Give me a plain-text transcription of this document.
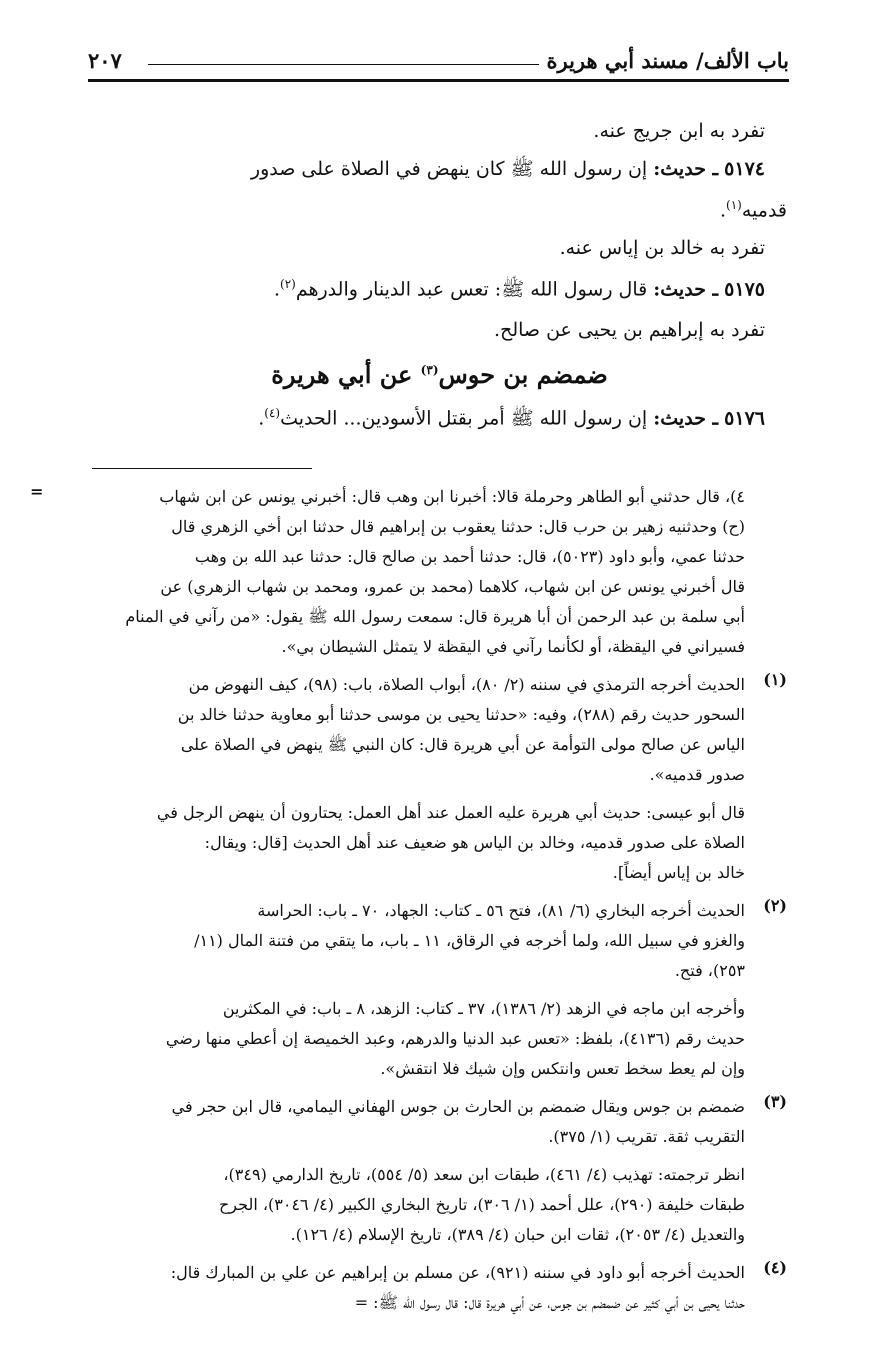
باب الألف/ مسند أبي هريرة
٢٠٧
تفرد به ابن جريج عنه.
٥١٧٤ ـ حديث: إن رسول الله ﷺ كان ينهض في الصلاة على صدور
قدميه$^{(١)}$.
تفرد به خالد بن إياس عنه.
٥١٧٥ ـ حديث: قال رسول الله ﷺ: تعس عبد الدينار والدرهم$^{(٢)}$.
تفرد به إبراهيم بن يحيى عن صالح.
ضمضم بن حوس$^{(٣)}$ عن أبي هريرة
٥١٧٦ ـ حديث: إن رسول الله ﷺ أمر بقتل الأسودين... الحديث$^{(٤)}$.
=	٤)، قال حدثني أبو الطاهر وحرملة قالا: أخبرنا ابن وهب قال: أخبرني يونس عن ابن شهاب
(ح) وحدثنيه زهير بن حرب قال: حدثنا يعقوب بن إبراهيم قال حدثنا ابن أخي الزهري قال
حدثنا عمي، وأبو داود (٥٠٢٣)، قال: حدثنا أحمد بن صالح قال: حدثنا عبد الله بن وهب
قال أخبرني يونس عن ابن شهاب، كلاهما (محمد بن عمرو، ومحمد بن شهاب الزهري) عن
أبي سلمة بن عبد الرحمن أن أبا هريرة قال: سمعت رسول الله ﷺ يقول: «من رآني في المنام
فسيراني في اليقظة، أو لكأنما رآني في اليقظة لا يتمثل الشيطان بي».
(١)
الحديث أخرجه الترمذي في سننه (٢/ ٨٠)، أبواب الصلاة، باب: (٩٨)، كيف النهوض من
السحور حديث رقم (٢٨٨)، وفيه: «حدثنا يحيى بن موسى حدثنا أبو معاوية حدثنا خالد بن
الياس عن صالح مولى التوأمة عن أبي هريرة قال: كان النبي ﷺ ينهض في الصلاة على
صدور قدميه».
قال أبو عيسى: حديث أبي هريرة عليه العمل عند أهل العمل: يحتارون أن ينهض الرجل في
الصلاة على صدور قدميه، وخالد بن الياس هو ضعيف عند أهل الحديث [قال: ويقال:
خالد بن إياس أيضاً].
(٢)
الحديث أخرجه البخاري (٦/ ٨١)، فتح ٥٦ ـ كتاب: الجهاد، ٧٠ ـ باب: الحراسة
والغزو في سبيل الله، ولما أخرجه في الرقاق، ١١ ـ باب، ما يتقي من فتنة المال (١١/
٢٥٣)، فتح.
وأخرجه ابن ماجه في الزهد (٢/ ١٣٨٦)، ٣٧ ـ كتاب: الزهد، ٨ ـ باب: في المكثرين
حديث رقم (٤١٣٦)، بلفظ: «تعس عبد الدنيا والدرهم، وعبد الخميصة إن أعطي منها رضي
وإن لم يعط سخط تعس وانتكس وإن شيك فلا انتقش».
(٣)
ضمضم بن جوس ويقال ضمضم بن الحارث بن جوس الهفاني اليمامي، قال ابن حجر في
التقريب ثقة. تقريب (١/ ٣٧٥).
انظر ترجمته: تهذيب (٤/ ٤٦١)، طبقات ابن سعد (٥/ ٥٥٤)، تاريخ الدارمي (٣٤٩)،
طبقات خليفة (٢٩٠)، علل أحمد (١/ ٣٠٦)، تاريخ البخاري الكبير (٤/ ٣٠٤٦)، الجرح
والتعديل (٤/ ٢٠٥٣)، ثقات ابن حبان (٤/ ٣٨٩)، تاريخ الإسلام (٤/ ١٢٦).
(٤)
الحديث أخرجه أبو داود في سننه (٩٢١)، عن مسلم بن إبراهيم عن علي بن المبارك قال:
حدثنا يحيى بن أبي كثير عن ضمضم بن جوس، عن أبي هريرة قال: قال رسول الله ﷺ: =
